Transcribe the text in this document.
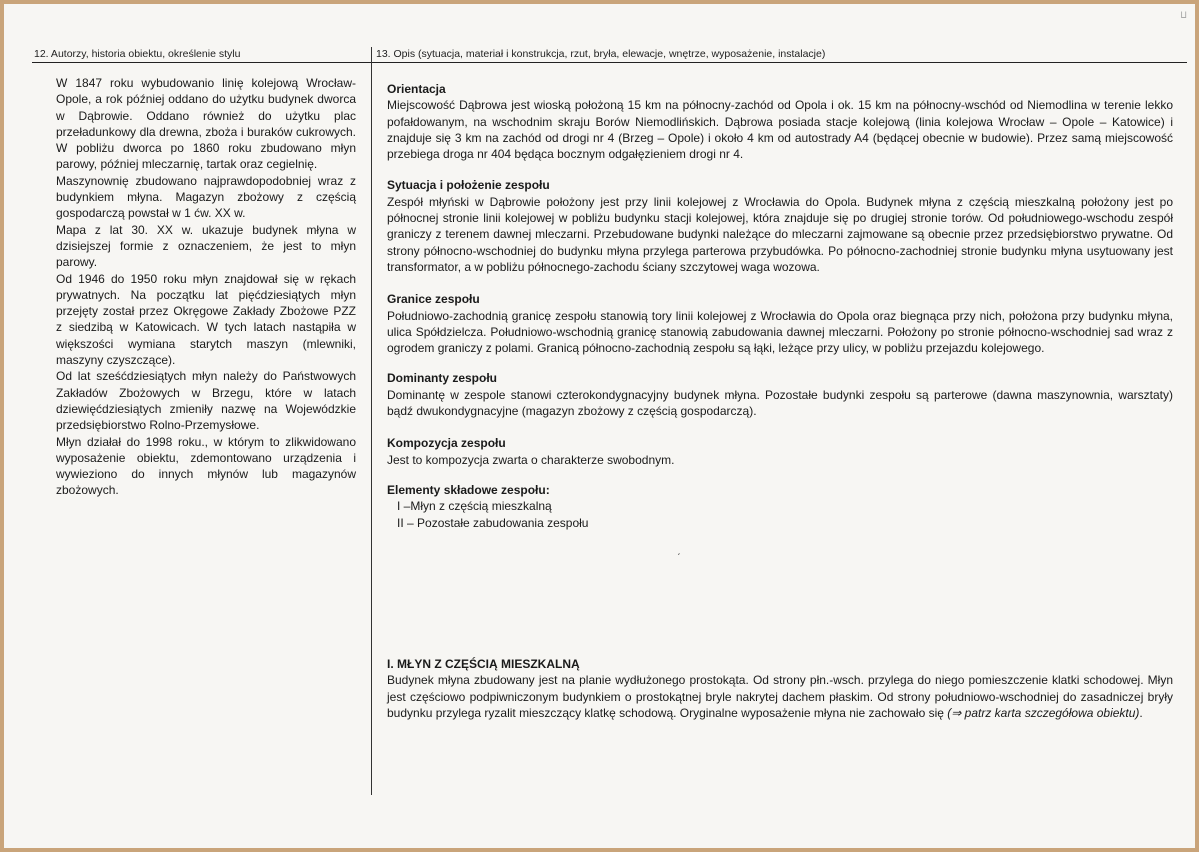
ⵡ
12. Autorzy, historia obiektu, określenie stylu	13. Opis (sytuacja, materiał i konstrukcja, rzut, bryła, elewacje, wnętrze, wyposażenie, instalacje)

W 1847 roku wybudowanio linię kolejową Wrocław-Opole, a rok później oddano do użytku budynek dworca w Dąbrowie. Oddano również do użytku plac przeładunkowy dla drewna, zboża i buraków cukrowych. W pobliżu dworca po 1860 roku zbudowano młyn parowy, później mleczarnię, tartak oraz cegielnię.

Maszynownię zbudowano najprawdopodobniej wraz z budynkiem młyna. Magazyn zbożowy z częścią gospodarczą powstał w 1 ćw. XX w.

Mapa z lat 30. XX w. ukazuje budynek młyna w dzisiejszej formie z oznaczeniem, że jest to młyn parowy.

Od 1946 do 1950 roku młyn znajdował się w rękach prywatnych. Na początku lat pięćdziesiątych młyn przejęty został przez Okręgowe Zakłady Zbożowe PZZ z siedzibą w Katowicach. W tych latach nastąpiła w większości wymiana starytch maszyn (mlewniki, maszyny czyszczące).

Od lat sześćdziesiątych młyn należy do Państwowych Zakładów Zbożowych w Brzegu, które w latach dziewięćdziesiątych zmieniły nazwę na Wojewódzkie przedsiębiorstwo Rolno-Przemysłowe.

Młyn działał do 1998 roku., w którym to zlikwidowano wyposażenie obiektu, zdemontowano urządzenia i wywieziono do innych młynów lub magazynów zbożowych.

Orientacja

Miejscowość Dąbrowa jest wioską położoną 15 km na północny-zachód od Opola i ok. 15 km na północny-wschód od Niemodlina w terenie lekko pofałdowanym, na wschodnim skraju Borów Niemodlińskich. Dąbrowa posiada stacje kolejową (linia kolejowa Wrocław – Opole – Katowice) i znajduje się 3 km na zachód od drogi nr 4 (Brzeg – Opole) i około 4 km od autostrady A4 (będącej obecnie w budowie). Przez samą miejscowość przebiega droga nr 404 będąca bocznym odgałęzieniem drogi nr 4.

Sytuacja i położenie zespołu

Zespół młyński w Dąbrowie położony jest przy linii kolejowej z Wrocławia do Opola. Budynek młyna z częścią mieszkalną położony jest po północnej stronie linii kolejowej w pobliżu budynku stacji kolejowej, która znajduje się po drugiej stronie torów. Od południowego-wschodu zespół graniczy z terenem dawnej mleczarni. Przebudowane budynki należące do mleczarni zajmowane są obecnie przez przedsiębiorstwo prywatne. Od strony północno-wschodniej do budynku młyna przylega parterowa przybudówka. Po północno-zachodniej stronie budynku młyna usytuowany jest transformator, a w pobliżu północnego-zachodu ściany szczytowej waga wozowa.

Granice zespołu

Południowo-zachodnią granicę zespołu stanowią tory linii kolejowej z Wrocławia do Opola oraz biegnąca przy nich, położona przy budynku młyna, ulica Spółdzielcza. Południowo-wschodnią granicę stanowią zabudowania dawnej mleczarni. Położony po stronie północno-wschodniej sad wraz z ogrodem graniczy z polami. Granicą północno-zachodnią zespołu są łąki, leżące przy ulicy, w pobliżu przejazdu kolejowego.

Dominanty zespołu

Dominantę w zespole stanowi czterokondygnacyjny budynek młyna. Pozostałe budynki zespołu są parterowe (dawna maszynownia, warsztaty) bądź dwukondygnacyjne (magazyn zbożowy z częścią gospodarczą).

Kompozycja zespołu

Jest to kompozycja zwarta o charakterze swobodnym.

Elementy składowe zespołu:
I –Młyn z częścią mieszkalną
II – Pozostałe zabudowania zespołu
ˏ
I. MŁYN Z CZĘŚCIĄ MIESZKALNĄ

Budynek młyna zbudowany jest na planie wydłużonego prostokąta. Od strony płn.-wsch. przylega do niego pomieszczenie klatki schodowej. Młyn jest częściowo podpiwniczonym budynkiem o prostokątnej bryle nakrytej dachem płaskim. Od strony południowo-wschodniej do zasadniczej bryły budynku przylega ryzalit mieszczący klatkę schodową. Oryginalne wyposażenie młyna nie zachowało się (⇒ patrz karta szczegółowa obiektu).
